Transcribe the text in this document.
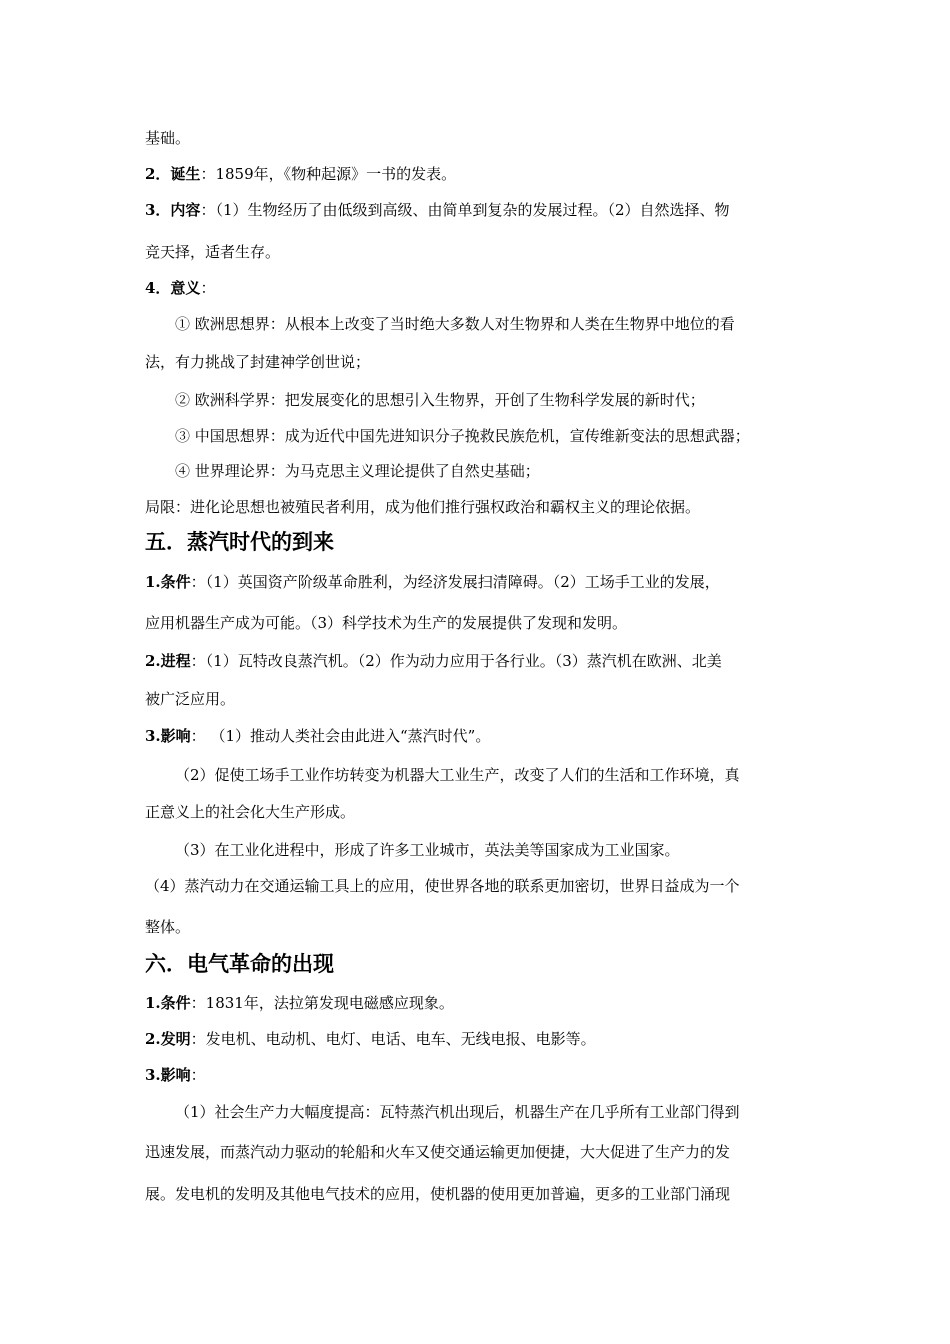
基础。
2．诞生：1859年，《物种起源》一书的发表。
3．内容：（1）生物经历了由低级到高级、由简单到复杂的发展过程。（2）自然选择、物
竞天择，适者生存。
4．意义：
① 欧洲思想界：从根本上改变了当时绝大多数人对生物界和人类在生物界中地位的看
法，有力挑战了封建神学创世说；
② 欧洲科学界：把发展变化的思想引入生物界，开创了生物科学发展的新时代；
③ 中国思想界：成为近代中国先进知识分子挽救民族危机，宣传维新变法的思想武器；
④ 世界理论界：为马克思主义理论提供了自然史基础；
局限：进化论思想也被殖民者利用，成为他们推行强权政治和霸权主义的理论依据。
五．蒸汽时代的到来
1.条件：（1）英国资产阶级革命胜利，为经济发展扫清障碍。（2）工场手工业的发展，
应用机器生产成为可能。（3）科学技术为生产的发展提供了发现和发明。
2.进程：（1）瓦特改良蒸汽机。（2）作为动力应用于各行业。（3）蒸汽机在欧洲、北美
被广泛应用。
3.影响： （1）推动人类社会由此进入“蒸汽时代”。
（2）促使工场手工业作坊转变为机器大工业生产，改变了人们的生活和工作环境，真
正意义上的社会化大生产形成。
（3）在工业化进程中，形成了许多工业城市，英法美等国家成为工业国家。
（4）蒸汽动力在交通运输工具上的应用，使世界各地的联系更加密切，世界日益成为一个
整体。
六．电气革命的出现
1.条件：1831年，法拉第发现电磁感应现象。
2.发明：发电机、电动机、电灯、电话、电车、无线电报、电影等。
3.影响：
（1）社会生产力大幅度提高：瓦特蒸汽机出现后，机器生产在几乎所有工业部门得到
迅速发展，而蒸汽动力驱动的轮船和火车又使交通运输更加便捷，大大促进了生产力的发
展。发电机的发明及其他电气技术的应用，使机器的使用更加普遍，更多的工业部门涌现
